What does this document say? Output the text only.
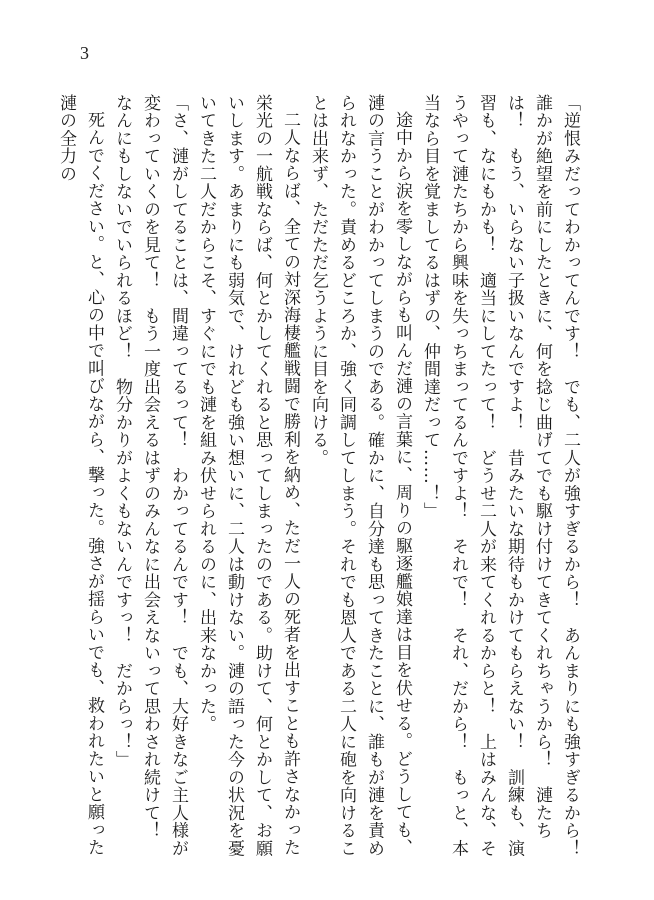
3

「逆恨みだってわかってんです！　でも、二人が強すぎるから！　あんまりにも強すぎるから！　誰かが絶望を前にしたときに、何を捻じ曲げてでも駆け付けてきてくれちゃうから！　漣たちは！　もう、いらない子扱いなんですよ！　昔みたいな期待もかけてもらえない！　訓練も、演習も、なにもかも！　適当にしてたって！　どうせ二人が来てくれるからと！　上はみんな、そうやって漣たちから興味を失っちまってるんですよ！　それで！　それ、だから！　もっと、本当なら目を覚ましてるはずの、仲間達だって……！」

途中から涙を零しながらも叫んだ漣の言葉に、周りの駆逐艦娘達は目を伏せる。どうしても、漣の言うことがわかってしまうのである。確かに、自分達も思ってきたことに、誰もが漣を責められなかった。責めるどころか、強く同調してしまう。それでも恩人である二人に砲を向けることは出来ず、ただただ乞うように目を向ける。

二人ならば、全ての対深海棲艦戦闘で勝利を納め、ただ一人の死者を出すことも許さなかった栄光の一航戦ならば、何とかしてくれると思ってしまったのである。助けて、何とかして、お願いします。あまりにも弱気で、けれども強い想いに、二人は動けない。漣の語った今の状況を憂いてきた二人だからこそ、すぐにでも漣を組み伏せられるのに、出来なかった。

「さ、漣がしてることは、間違ってるって！　わかってるんです！　でも、大好きなご主人様が変わっていくのを見て！　もう一度出会えるはずのみんなに出会えないって思わされ続けて！　なんにもしないでいられるほど！　物分かりがよくもないんですっ！　だからっ！」

死んでください。と、心の中で叫びながら、撃った。強さが揺らいでも、救われたいと願った漣の全力の
